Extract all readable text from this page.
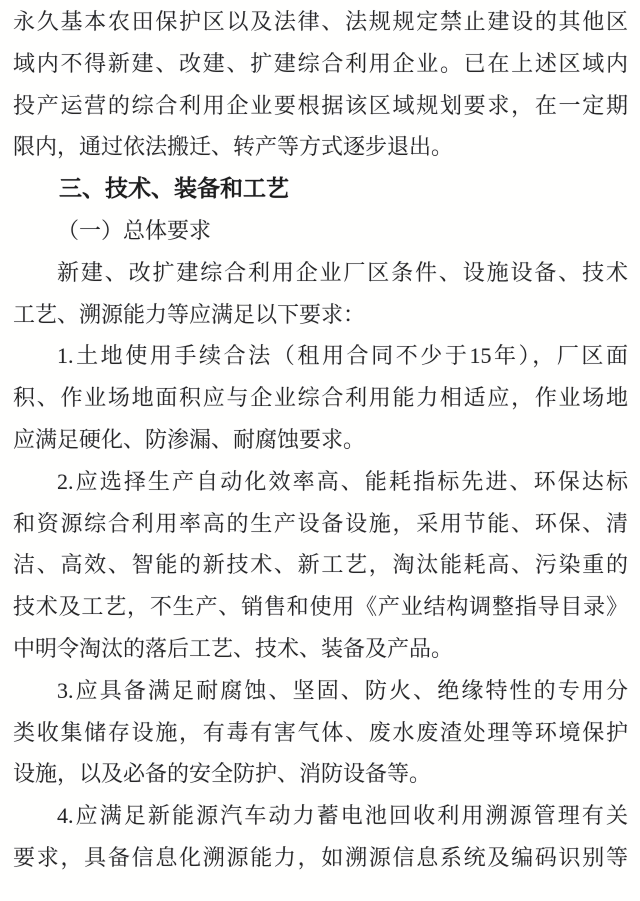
永久基本农田保护区以及法律、法规规定禁止建设的其他区
域内不得新建、改建、扩建综合利用企业。已在上述区域内
投产运营的综合利用企业要根据该区域规划要求，在一定期
限内，通过依法搬迁、转产等方式逐步退出。
三、技术、装备和工艺
（一）总体要求
新建、改扩建综合利用企业厂区条件、设施设备、技术
工艺、溯源能力等应满足以下要求：
1.土地使用手续合法（租用合同不少于15年），厂区面
积、作业场地面积应与企业综合利用能力相适应，作业场地
应满足硬化、防渗漏、耐腐蚀要求。
2.应选择生产自动化效率高、能耗指标先进、环保达标
和资源综合利用率高的生产设备设施，采用节能、环保、清
洁、高效、智能的新技术、新工艺，淘汰能耗高、污染重的
技术及工艺，不生产、销售和使用《产业结构调整指导目录》
中明令淘汰的落后工艺、技术、装备及产品。
3.应具备满足耐腐蚀、坚固、防火、绝缘特性的专用分
类收集储存设施，有毒有害气体、废水废渣处理等环境保护
设施，以及必备的安全防护、消防设备等。
4.应满足新能源汽车动力蓄电池回收利用溯源管理有关
要求，具备信息化溯源能力，如溯源信息系统及编码识别等
